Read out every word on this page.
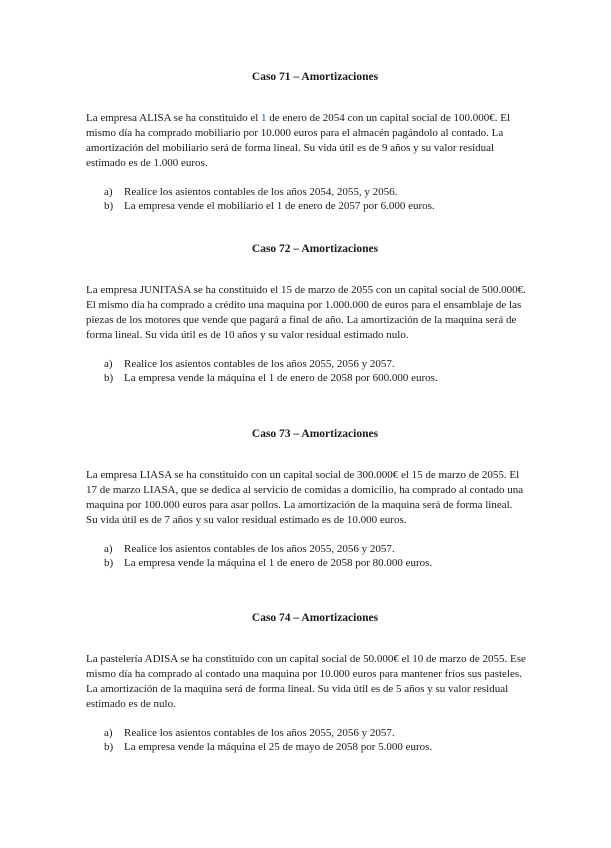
Caso 71 – Amortizaciones

La empresa ALISA se ha constituido el 1 de enero de 2054 con un capital social de 100.000€. El mismo día ha comprado mobiliario por 10.000 euros para el almacén pagándolo al contado. La amortización del mobiliario será de forma lineal. Su vida útil es de 9 años y su valor residual estimado es de 1.000 euros.

a) Realice los asientos contables de los años 2054, 2055, y 2056.
b) La empresa vende el mobiliario el 1 de enero de 2057 por 6.000 euros.
Caso 72 – Amortizaciones

La empresa JUNITASA se ha constituido el 15 de marzo de 2055 con un capital social de 500.000€. El mismo día ha comprado a crédito una maquina por 1.000.000 de euros para el ensamblaje de las piezas de los motores que vende que pagará a final de año. La amortización de la maquina será de forma lineal. Su vida útil es de 10 años y su valor residual estimado nulo.

a) Realice los asientos contables de los años 2055, 2056 y 2057.
b) La empresa vende la máquina el 1 de enero de 2058 por 600.000 euros.
Caso 73 – Amortizaciones

La empresa LIASA se ha constituido con un capital social de 300.000€ el 15 de marzo de 2055. El 17 de marzo LIASA, que se dedica al servicio de comidas a domicilio, ha comprado al contado una maquina por 100.000 euros para asar pollos. La amortización de la maquina será de forma lineal. Su vida útil es de 7 años y su valor residual estimado es de 10.000 euros.

a) Realice los asientos contables de los años 2055, 2056 y 2057.
b) La empresa vende la máquina el 1 de enero de 2058 por 80.000 euros.
Caso 74 – Amortizaciones

La pastelería ADISA se ha constituido con un capital social de 50.000€ el 10 de marzo de 2055. Ese mismo día ha comprado al contado una maquina por 10.000 euros para mantener fríos sus pasteles. La amortización de la maquina será de forma lineal. Su vida útil es de 5 años y su valor residual estimado es de nulo.

a) Realice los asientos contables de los años 2055, 2056 y 2057.
b) La empresa vende la máquina el 25 de mayo de 2058 por 5.000 euros.
